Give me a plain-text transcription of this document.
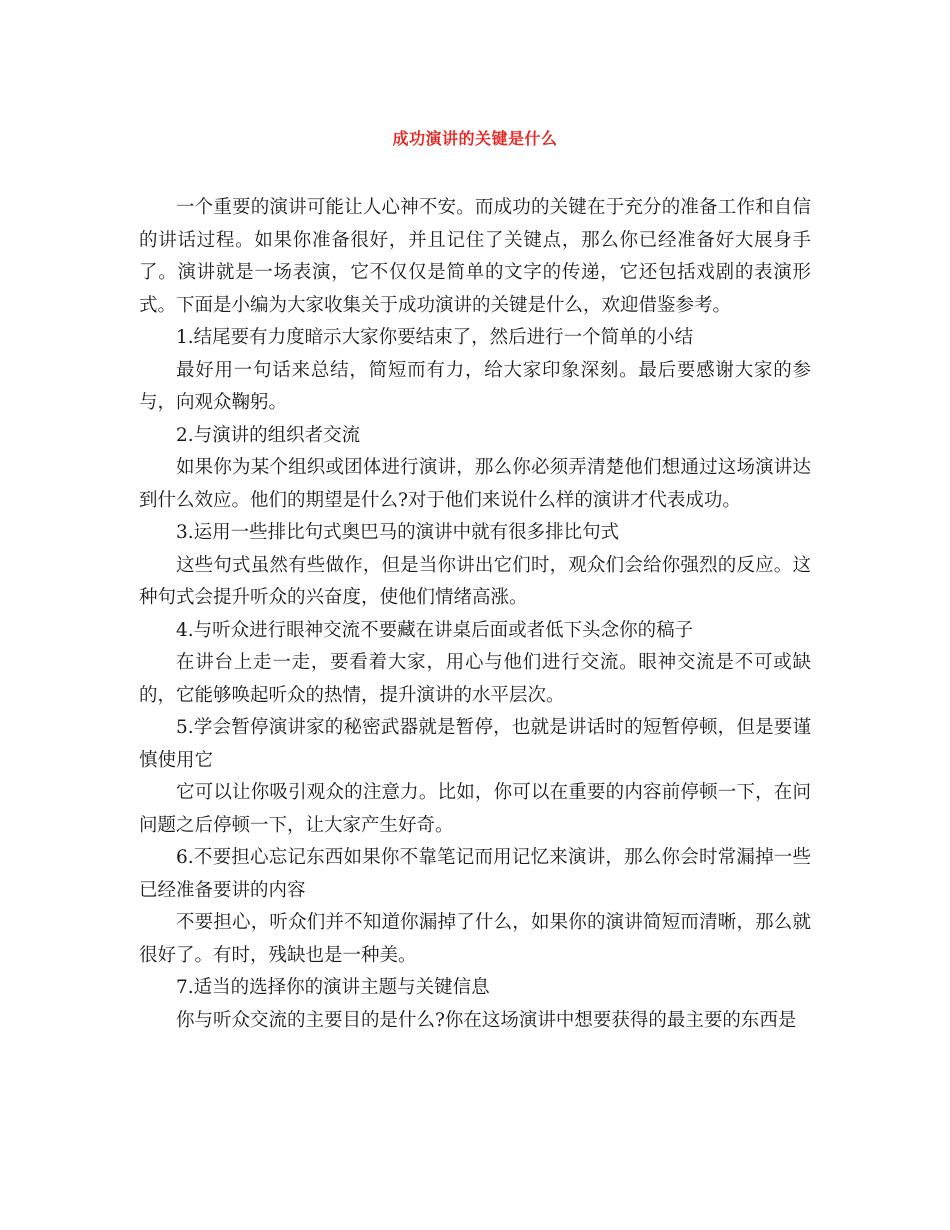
成功演讲的关键是什么

一个重要的演讲可能让人心神不安。而成功的关键在于充分的准备工作和自信的讲话过程。如果你准备很好，并且记住了关键点，那么你已经准备好大展身手了。演讲就是一场表演，它不仅仅是简单的文字的传递，它还包括戏剧的表演形式。下面是小编为大家收集关于成功演讲的关键是什么，欢迎借鉴参考。

1.结尾要有力度暗示大家你要结束了，然后进行一个简单的小结

最好用一句话来总结，简短而有力，给大家印象深刻。最后要感谢大家的参与，向观众鞠躬。

2.与演讲的组织者交流

如果你为某个组织或团体进行演讲，那么你必须弄清楚他们想通过这场演讲达到什么效应。他们的期望是什么?对于他们来说什么样的演讲才代表成功。

3.运用一些排比句式奥巴马的演讲中就有很多排比句式

这些句式虽然有些做作，但是当你讲出它们时，观众们会给你强烈的反应。这种句式会提升听众的兴奋度，使他们情绪高涨。

4.与听众进行眼神交流不要藏在讲桌后面或者低下头念你的稿子

在讲台上走一走，要看着大家，用心与他们进行交流。眼神交流是不可或缺的，它能够唤起听众的热情，提升演讲的水平层次。

5.学会暂停演讲家的秘密武器就是暂停，也就是讲话时的短暂停顿，但是要谨慎使用它

它可以让你吸引观众的注意力。比如，你可以在重要的内容前停顿一下，在问问题之后停顿一下，让大家产生好奇。

6.不要担心忘记东西如果你不靠笔记而用记忆来演讲，那么你会时常漏掉一些已经准备要讲的内容

不要担心，听众们并不知道你漏掉了什么，如果你的演讲简短而清晰，那么就很好了。有时，残缺也是一种美。

7.适当的选择你的演讲主题与关键信息

你与听众交流的主要目的是什么?你在这场演讲中想要获得的最主要的东西是
